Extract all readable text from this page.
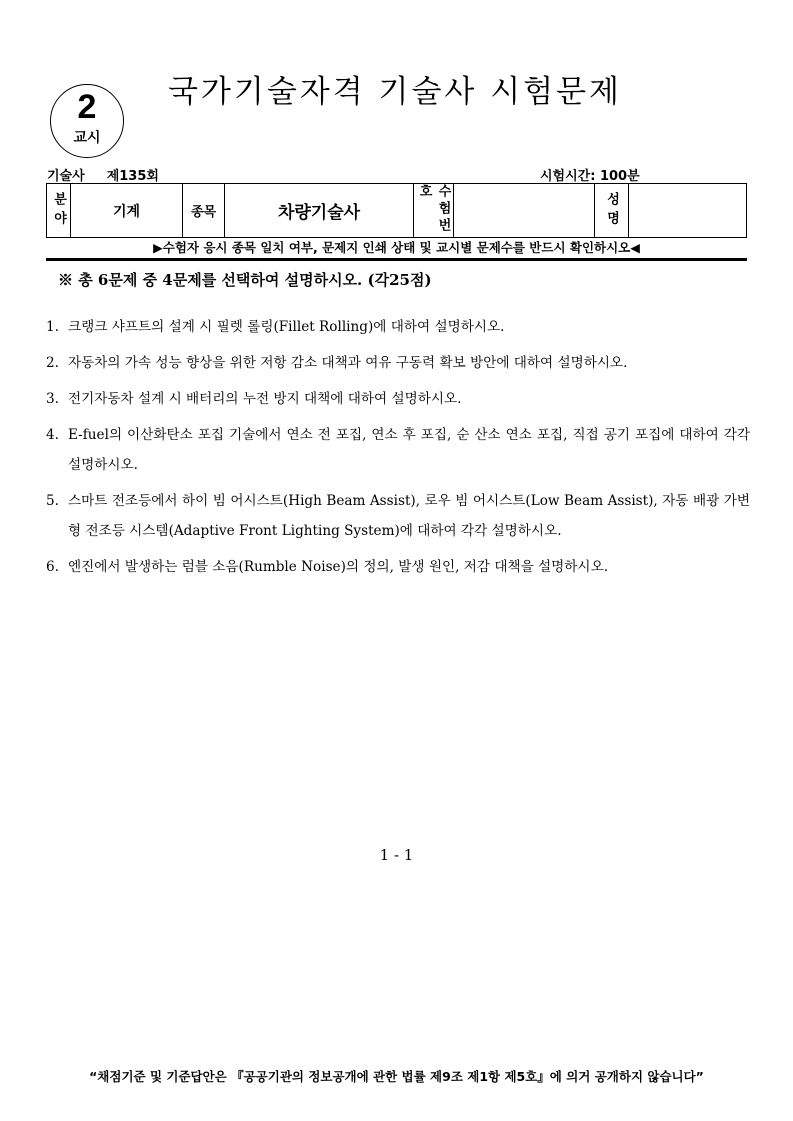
2
교시
국가기술자격 기술사 시험문제
기술사 제135회	시험시간: 100분
분야	기계	종목	차량기술사	수험번호	성명
▶수험자 응시 종목 일치 여부, 문제지 인쇄 상태 및 교시별 문제수를 반드시 확인하시오◀
※ 총 6문제 중 4문제를 선택하여 설명하시오. (각25점)
1. 크랭크 샤프트의 설계 시 필렛 롤링(Fillet Rolling)에 대하여 설명하시오.
2. 자동차의 가속 성능 향상을 위한 저항 감소 대책과 여유 구동력 확보 방안에 대하여 설명하시오.
3. 전기자동차 설계 시 배터리의 누전 방지 대책에 대하여 설명하시오.
4. E-fuel의 이산화탄소 포집 기술에서 연소 전 포집, 연소 후 포집, 순 산소 연소 포집, 직접 공기 포집에 대하여 각각 설명하시오.
5. 스마트 전조등에서 하이 빔 어시스트(High Beam Assist), 로우 빔 어시스트(Low Beam Assist), 자동 배광 가변형 전조등 시스템(Adaptive Front Lighting System)에 대하여 각각 설명하시오.
6. 엔진에서 발생하는 럼블 소음(Rumble Noise)의 정의, 발생 원인, 저감 대책을 설명하시오.
1 - 1
“채점기준 및 기준답안은 『공공기관의 정보공개에 관한 법률 제9조 제1항 제5호』에 의거 공개하지 않습니다”
